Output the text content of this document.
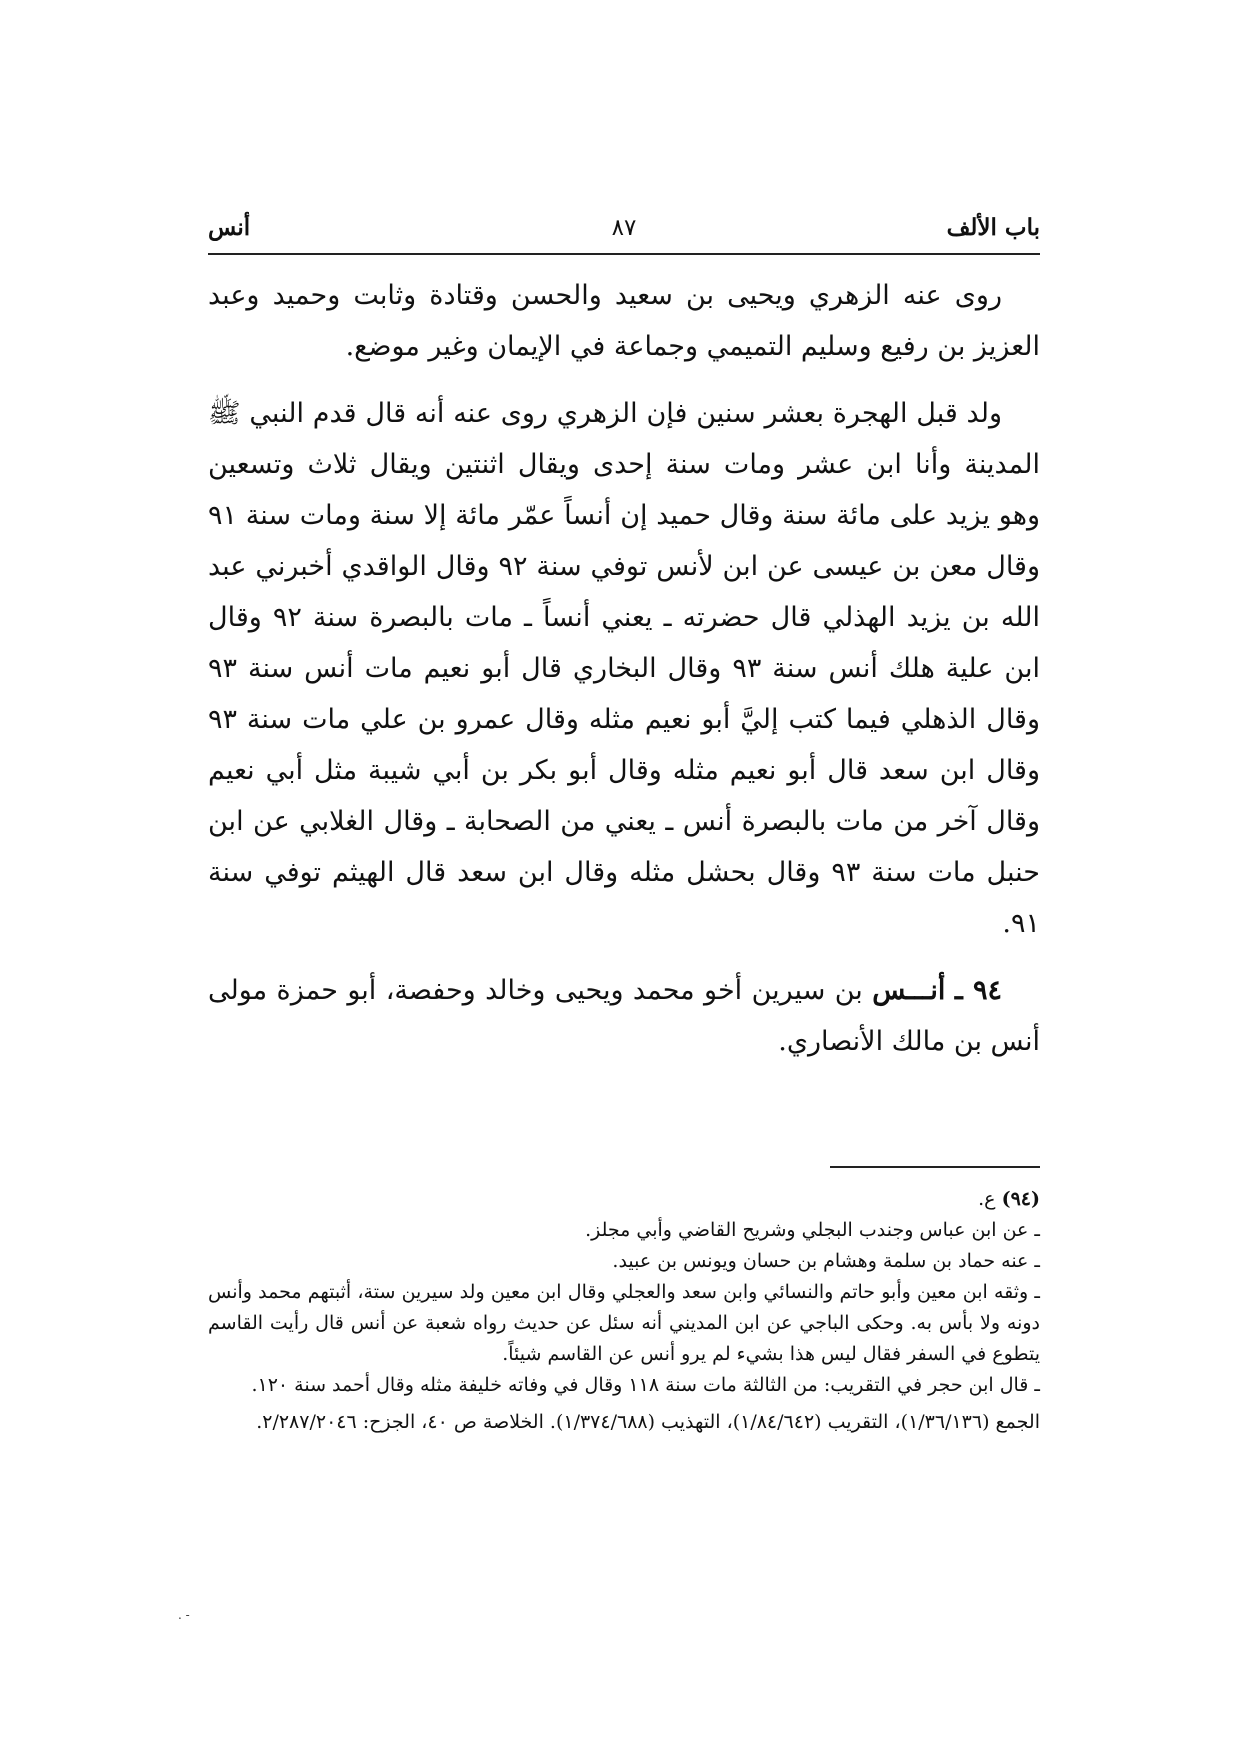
باب الألف
٨٧
أنس

روى عنه الزهري ويحيى بن سعيد والحسن وقتادة وثابت وحميد وعبد العزيز بن رفيع وسليم التميمي وجماعة في الإيمان وغير موضع.

ولد قبل الهجرة بعشر سنين فإن الزهري روى عنه أنه قال قدم النبي ﷺ المدينة وأنا ابن عشر ومات سنة إحدى ويقال اثنتين ويقال ثلاث وتسعين وهو يزيد على مائة سنة وقال حميد إن أنساً عمّر مائة إلا سنة ومات سنة ٩١ وقال معن بن عيسى عن ابن لأنس توفي سنة ٩٢ وقال الواقدي أخبرني عبد الله بن يزيد الهذلي قال حضرته ـ يعني أنساً ـ مات بالبصرة سنة ٩٢ وقال ابن علية هلك أنس سنة ٩٣ وقال البخاري قال أبو نعيم مات أنس سنة ٩٣ وقال الذهلي فيما كتب إليَّ أبو نعيم مثله وقال عمرو بن علي مات سنة ٩٣ وقال ابن سعد قال أبو نعيم مثله وقال أبو بكر بن أبي شيبة مثل أبي نعيم وقال آخر من مات بالبصرة أنس ـ يعني من الصحابة ـ وقال الغلابي عن ابن حنبل مات سنة ٩٣ وقال بحشل مثله وقال ابن سعد قال الهيثم توفي سنة ٩١.

٩٤ ـ أنـــس بن سيرين أخو محمد ويحيى وخالد وحفصة، أبو حمزة مولى أنس بن مالك الأنصاري.

(٩٤) ع.

ـ عن ابن عباس وجندب البجلي وشريح القاضي وأبي مجلز.

ـ عنه حماد بن سلمة وهشام بن حسان ويونس بن عبيد.

ـ وثقه ابن معين وأبو حاتم والنسائي وابن سعد والعجلي وقال ابن معين ولد سيرين ستة، أثبتهم محمد وأنس دونه ولا بأس به. وحكى الباجي عن ابن المديني أنه سئل عن حديث رواه شعبة عن أنس قال رأيت القاسم يتطوع في السفر فقال ليس هذا بشيء لم يرو أنس عن القاسم شيئاً.

ـ قال ابن حجر في التقريب: من الثالثة مات سنة ١١٨ وقال في وفاته خليفة مثله وقال أحمد سنة ١٢٠.

الجمع (١/٣٦/١٣٦)، التقريب (١/٨٤/٦٤٢)، التهذيب (١/٣٧٤/٦٨٨). الخلاصة ص ٤٠، الجزح: ٢/٢٨٧/٢٠٤٦.

. -
